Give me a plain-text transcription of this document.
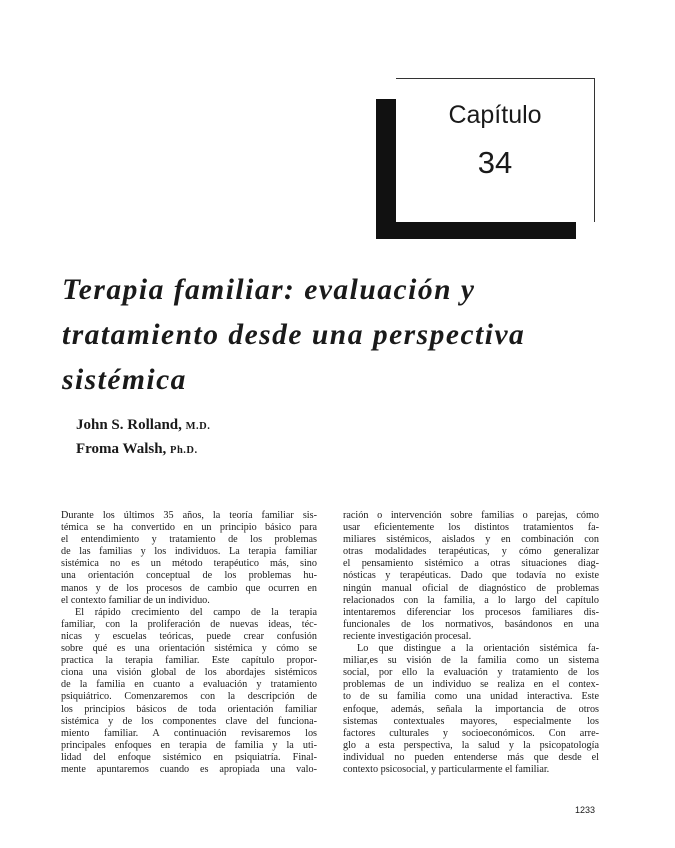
Capítulo
34
Terapia familiar: evaluación y
tratamiento desde una perspectiva
sistémica
John S. Rolland, M.D.
Froma Walsh, Ph.D.
Durante los últimos 35 años, la teoría familiar sis-
témica se ha convertido en un principio básico para
el entendimiento y tratamiento de los problemas
de las familias y los individuos. La terapia familiar
sistémica no es un método terapéutico más, sino
una orientación conceptual de los problemas hu-
manos y de los procesos de cambio que ocurren en
el contexto familiar de un individuo.
El rápido crecimiento del campo de la terapia
familiar, con la proliferación de nuevas ideas, téc-
nicas y escuelas teóricas, puede crear confusión
sobre qué es una orientación sistémica y cómo se
practica la terapia familiar. Este capítulo propor-
ciona una visión global de los abordajes sistémicos
de la familia en cuanto a evaluación y tratamiento
psiquiátrico. Comenzaremos con la descripción de
los principios básicos de toda orientación familiar
sistémica y de los componentes clave del funciona-
miento familiar. A continuación revisaremos los
principales enfoques en terapia de familia y la uti-
lidad del enfoque sistémico en psiquiatría. Final-
mente apuntaremos cuando es apropiada una valo-
ración o intervención sobre familias o parejas, cómo
usar eficientemente los distintos tratamientos fa-
miliares sistémicos, aislados y en combinación con
otras modalidades terapéuticas, y cómo generalizar
el pensamiento sistémico a otras situaciones diag-
nósticas y terapéuticas. Dado que todavía no existe
ningún manual oficial de diagnóstico de problemas
relacionados con la familia, a lo largo del capítulo
intentaremos diferenciar los procesos familiares dis-
funcionales de los normativos, basándonos en una
reciente investigación procesal.
Lo que distingue a la orientación sistémica fa-
miliar,es su visión de la familia como un sistema
social, por ello la evaluación y tratamiento de los
problemas de un individuo se realiza en el contex-
to de su familia como una unidad interactiva. Este
enfoque, además, señala la importancia de otros
sistemas contextuales mayores, especialmente los
factores culturales y socioeconómicos. Con arre-
glo a esta perspectiva, la salud y la psicopatología
individual no pueden entenderse más que desde el
contexto psicosocial, y particularmente el familiar.
1233
